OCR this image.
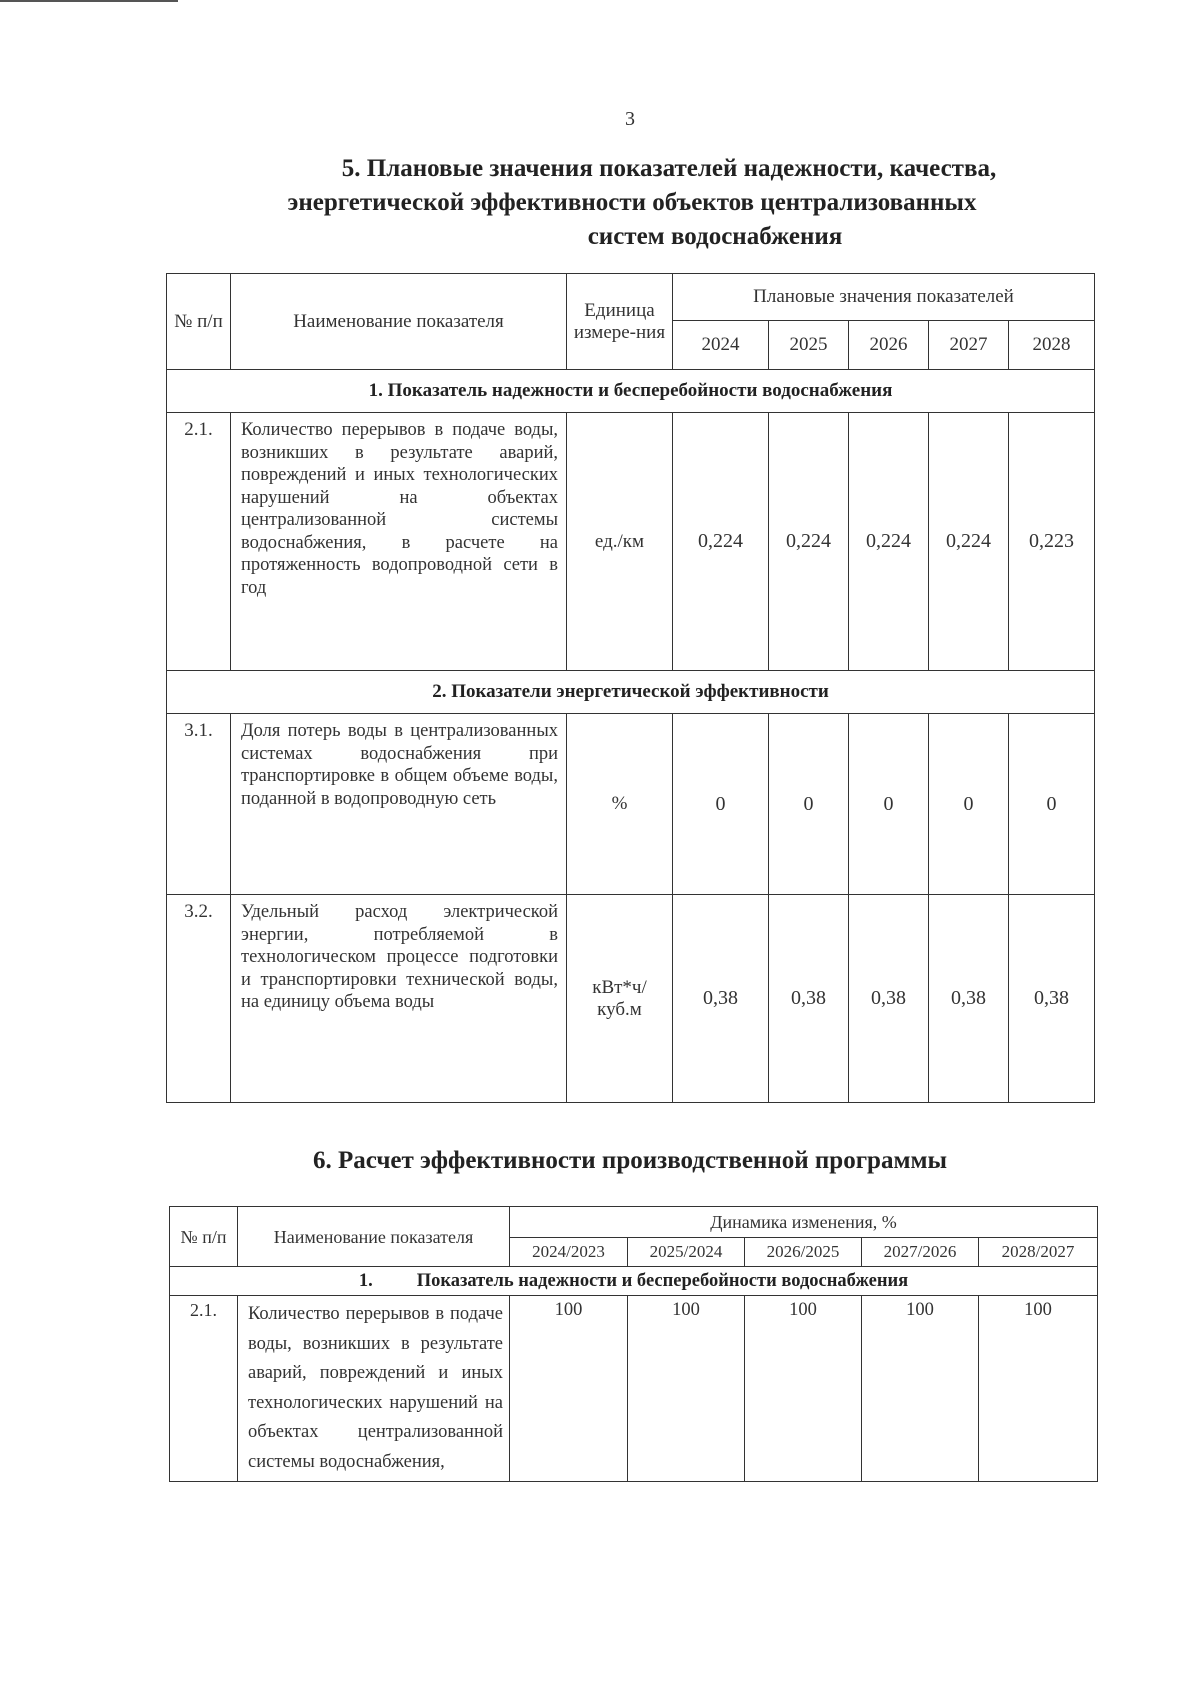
3
5. Плановые значения показателей надежности, качества,
энергетической эффективности объектов централизованных
систем водоснабжения
№ п/п	Наименование показателя	Единица измере-ния	Плановые значения показателей				
			2024	2025	2026	2027	2028
1. Показатель надежности и бесперебойности водоснабжения							
2.1.	Количество перерывов в подаче воды, возникших в результате аварий, повреждений и иных технологических нарушений на объектах централизованной системы водоснабжения, в расчете на протяженность водопроводной сети в год	ед./км	0,224	0,224	0,224	0,224	0,223
2. Показатели энергетической эффективности							
3.1.	Доля потерь воды в централизованных системах водоснабжения при транспортировке в общем объеме воды, поданной в водопроводную сеть	%	0	0	0	0	0
3.2.	Удельный расход электрической энергии, потребляемой в технологическом процессе подготовки и транспортировки технической воды, на единицу объема воды	кВт*ч/ куб.м	0,38	0,38	0,38	0,38	0,38
6. Расчет эффективности производственной программы
№ п/п	Наименование показателя	Динамика изменения, %				
		2024/2023	2025/2024	2026/2025	2027/2026	2028/2027
1. Показатель надежности и бесперебойности водоснабжения						
2.1.	Количество перерывов в подаче воды, возникших в результате аварий, повреждений и иных технологических нарушений на объектах централизованной системы водоснабжения,	100	100	100	100	100
